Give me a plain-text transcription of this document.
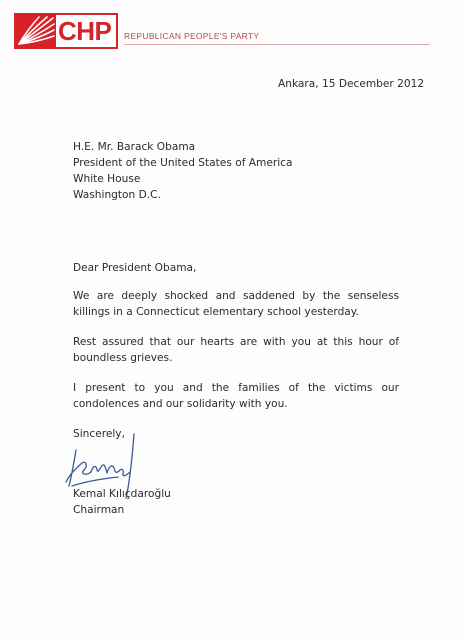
CHP REPUBLICAN PEOPLE'S PARTY
Ankara, 15 December 2012
H.E. Mr. Barack Obama
President of the United States of America
White House
Washington D.C.
Dear President Obama,
We are deeply shocked and saddened by the senseless killings in a Connecticut elementary school yesterday.
Rest assured that our hearts are with you at this hour of boundless grieves.
I present to you and the families of the victims our condolences and our solidarity with you.
Sincerely,
Kemal Kılıçdaroğlu
Chairman
